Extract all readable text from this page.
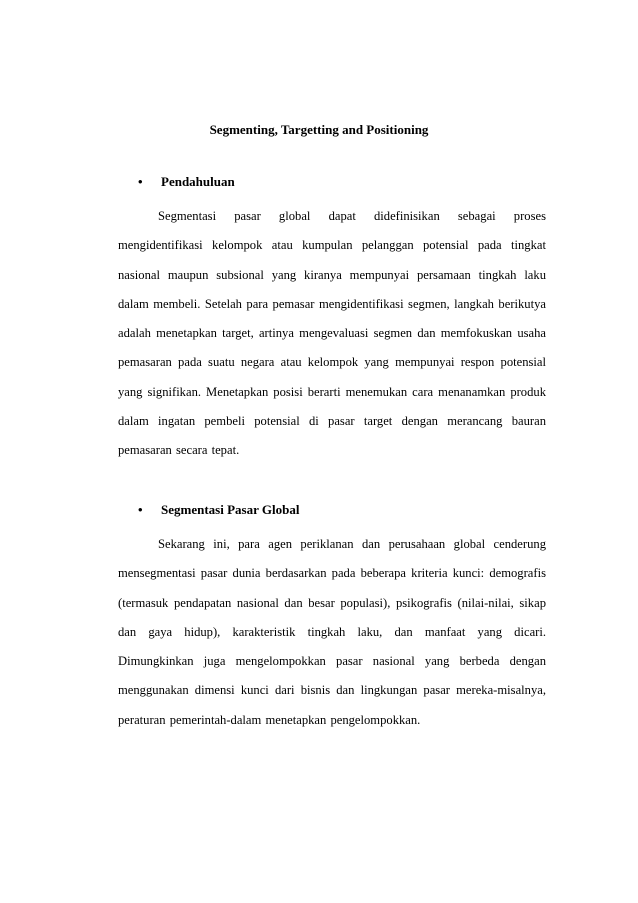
Segmenting, Targetting and Positioning
• Pendahuluan
Segmentasi pasar global dapat didefinisikan sebagai proses mengidentifikasi kelompok atau kumpulan pelanggan potensial pada tingkat nasional maupun subsional yang kiranya mempunyai persamaan tingkah laku dalam membeli. Setelah para pemasar mengidentifikasi segmen, langkah berikutya adalah menetapkan target, artinya mengevaluasi segmen dan memfokuskan usaha pemasaran pada suatu negara atau kelompok yang mempunyai respon potensial yang signifikan. Menetapkan posisi berarti menemukan cara menanamkan produk dalam ingatan pembeli potensial di pasar target dengan merancang bauran pemasaran secara tepat.
• Segmentasi Pasar Global
Sekarang ini, para agen periklanan dan perusahaan global cenderung mensegmentasi pasar dunia berdasarkan pada beberapa kriteria kunci: demografis (termasuk pendapatan nasional dan besar populasi), psikografis (nilai-nilai, sikap dan gaya hidup), karakteristik tingkah laku, dan manfaat yang dicari. Dimungkinkan juga mengelompokkan pasar nasional yang berbeda dengan menggunakan dimensi kunci dari bisnis dan lingkungan pasar mereka-misalnya, peraturan pemerintah-dalam menetapkan pengelompokkan.
